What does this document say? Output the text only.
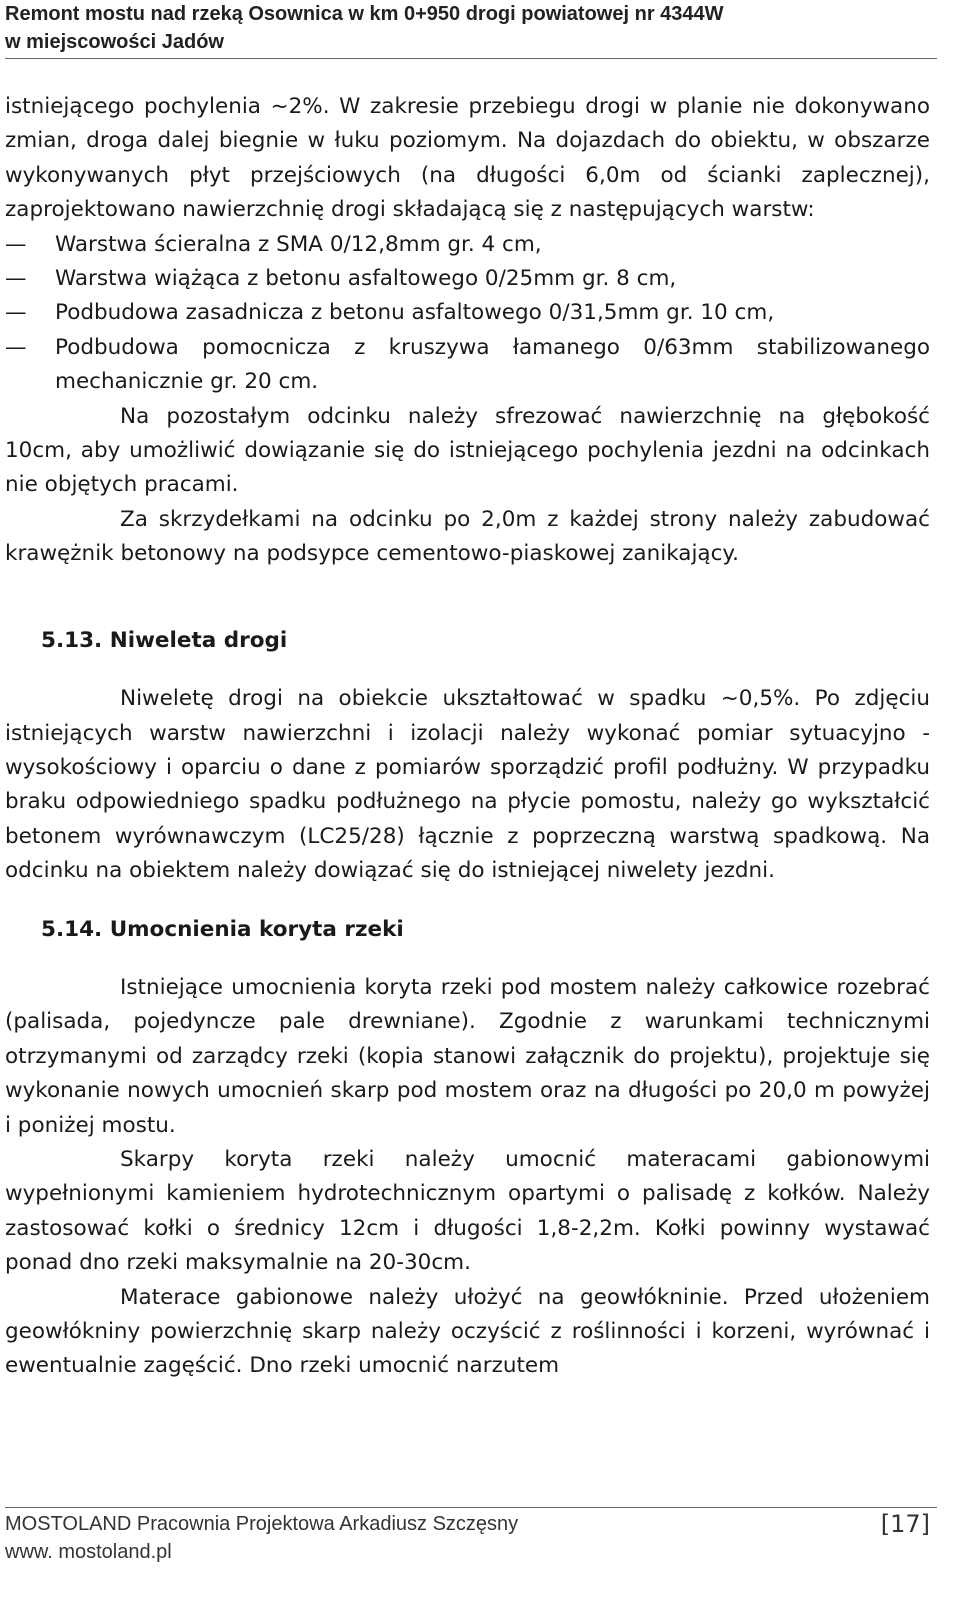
Remont mostu nad rzeką Osownica w km 0+950 drogi powiatowej nr 4344W
w miejscowości Jadów

istniejącego pochylenia ~2%. W zakresie przebiegu drogi w planie nie dokonywano zmian, droga dalej biegnie w łuku poziomym. Na dojazdach do obiektu, w obszarze wykonywanych płyt przejściowych (na długości 6,0m od ścianki zaplecznej), zaprojektowano nawierzchnię drogi składającą się z następujących warstw:

— Warstwa ścieralna z SMA 0/12,8mm gr. 4 cm,
— Warstwa wiążąca z betonu asfaltowego 0/25mm gr. 8 cm,
— Podbudowa zasadnicza z betonu asfaltowego 0/31,5mm gr. 10 cm,
— Podbudowa pomocnicza z kruszywa łamanego 0/63mm stabilizowanego mechanicznie gr. 20 cm.

Na pozostałym odcinku należy sfrezować nawierzchnię na głębokość 10cm, aby umożliwić dowiązanie się do istniejącego pochylenia jezdni na odcinkach nie objętych pracami.

Za skrzydełkami na odcinku po 2,0m z każdej strony należy zabudować krawężnik betonowy na podsypce cementowo-piaskowej zanikający.

5.13. Niweleta drogi

Niweletę drogi na obiekcie ukształtować w spadku ~0,5%. Po zdjęciu istniejących warstw nawierzchni i izolacji należy wykonać pomiar sytuacyjno - wysokościowy i oparciu o dane z pomiarów sporządzić profil podłużny. W przypadku braku odpowiedniego spadku podłużnego na płycie pomostu, należy go wykształcić betonem wyrównawczym (LC25/28) łącznie z poprzeczną warstwą spadkową. Na odcinku na obiektem należy dowiązać się do istniejącej niwelety jezdni.

5.14. Umocnienia koryta rzeki

Istniejące umocnienia koryta rzeki pod mostem należy całkowice rozebrać (palisada, pojedyncze pale drewniane). Zgodnie z warunkami technicznymi otrzymanymi od zarządcy rzeki (kopia stanowi załącznik do projektu), projektuje się wykonanie nowych umocnień skarp pod mostem oraz na długości po 20,0 m powyżej i poniżej mostu.

Skarpy koryta rzeki należy umocnić materacami gabionowymi wypełnionymi kamieniem hydrotechnicznym opartymi o palisadę z kołków. Należy zastosować kołki o średnicy 12cm i długości 1,8-2,2m. Kołki powinny wystawać ponad dno rzeki maksymalnie na 20-30cm.

Materace gabionowe należy ułożyć na geowłókninie. Przed ułożeniem geowłókniny powierzchnię skarp należy oczyścić z roślinności i korzeni, wyrównać i ewentualnie zagęścić. Dno rzeki umocnić narzutem

MOSTOLAND Pracownia Projektowa Arkadiusz Szczęsny	[17]
www. mostoland.pl
